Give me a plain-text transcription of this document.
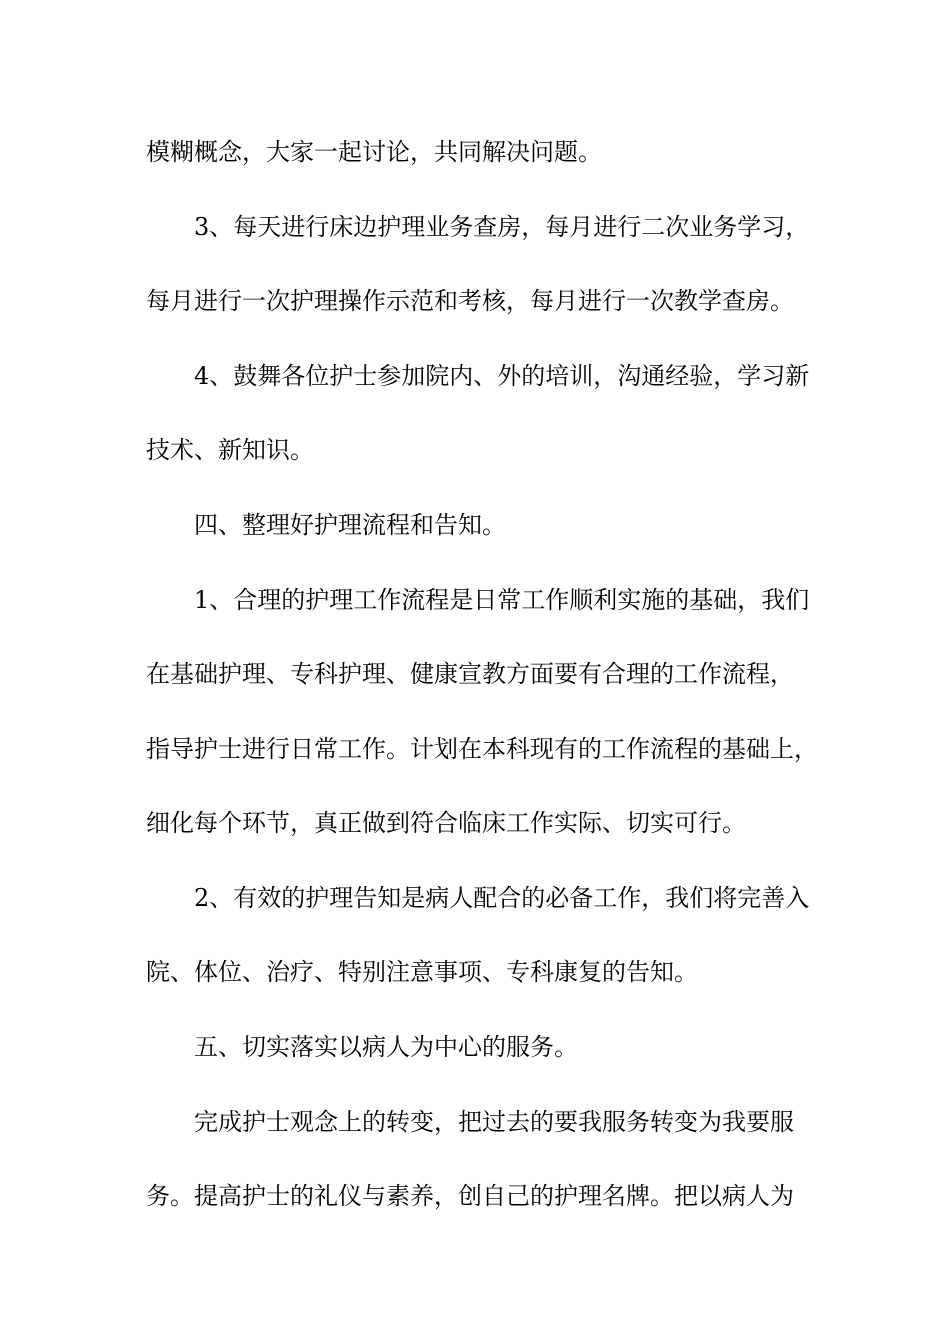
模糊概念，大家一起讨论，共同解决问题。
3、每天进行床边护理业务查房，每月进行二次业务学习，
每月进行一次护理操作示范和考核，每月进行一次教学查房。
4、鼓舞各位护士参加院内、外的培训，沟通经验，学习新
技术、新知识。
四、整理好护理流程和告知。
1、合理的护理工作流程是日常工作顺利实施的基础，我们
在基础护理、专科护理、健康宣教方面要有合理的工作流程，
指导护士进行日常工作。计划在本科现有的工作流程的基础上，
细化每个环节，真正做到符合临床工作实际、切实可行。
2、有效的护理告知是病人配合的必备工作，我们将完善入
院、体位、治疗、特别注意事项、专科康复的告知。
五、切实落实以病人为中心的服务。
完成护士观念上的转变，把过去的要我服务转变为我要服
务。提高护士的礼仪与素养，创自己的护理名牌。把以病人为
